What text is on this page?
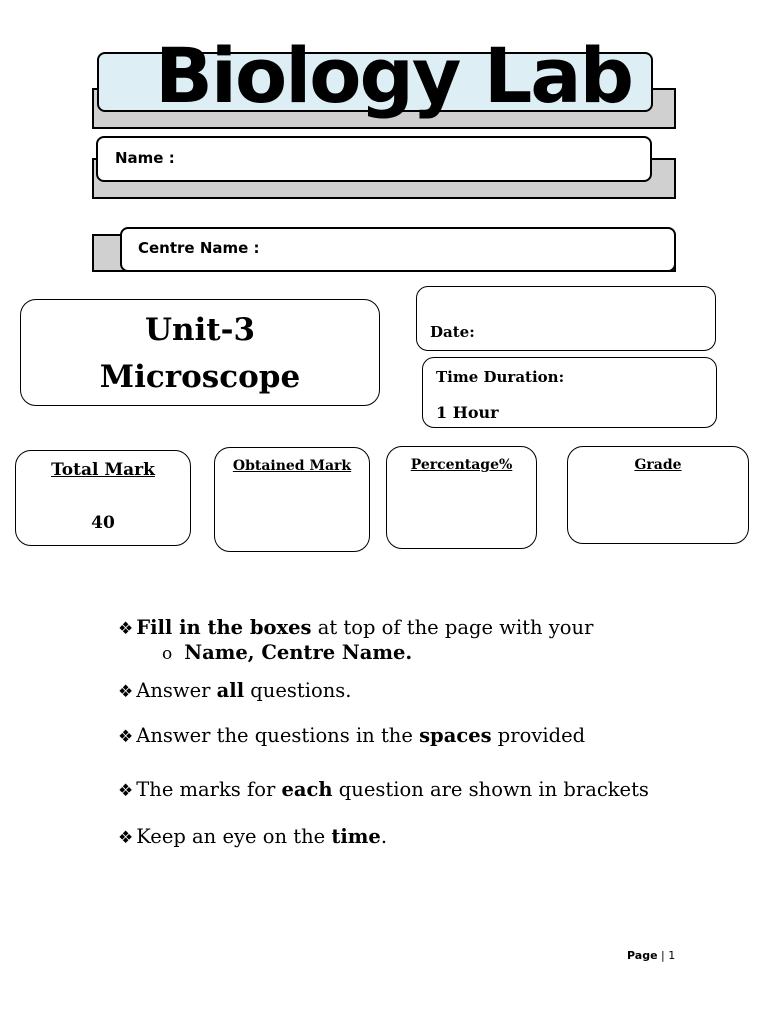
Biology Lab
Name :
Centre Name :
Unit-3
Microscope
Date:
Time Duration:
1 Hour
Total Mark
40
Obtained Mark	Percentage%	Grade
❖ Fill in the boxes at top of the page with your
o Name, Centre Name.
❖ Answer all questions.
❖ Answer the questions in the spaces provided
❖ The marks for each question are shown in brackets
❖ Keep an eye on the time.
Page | 1
